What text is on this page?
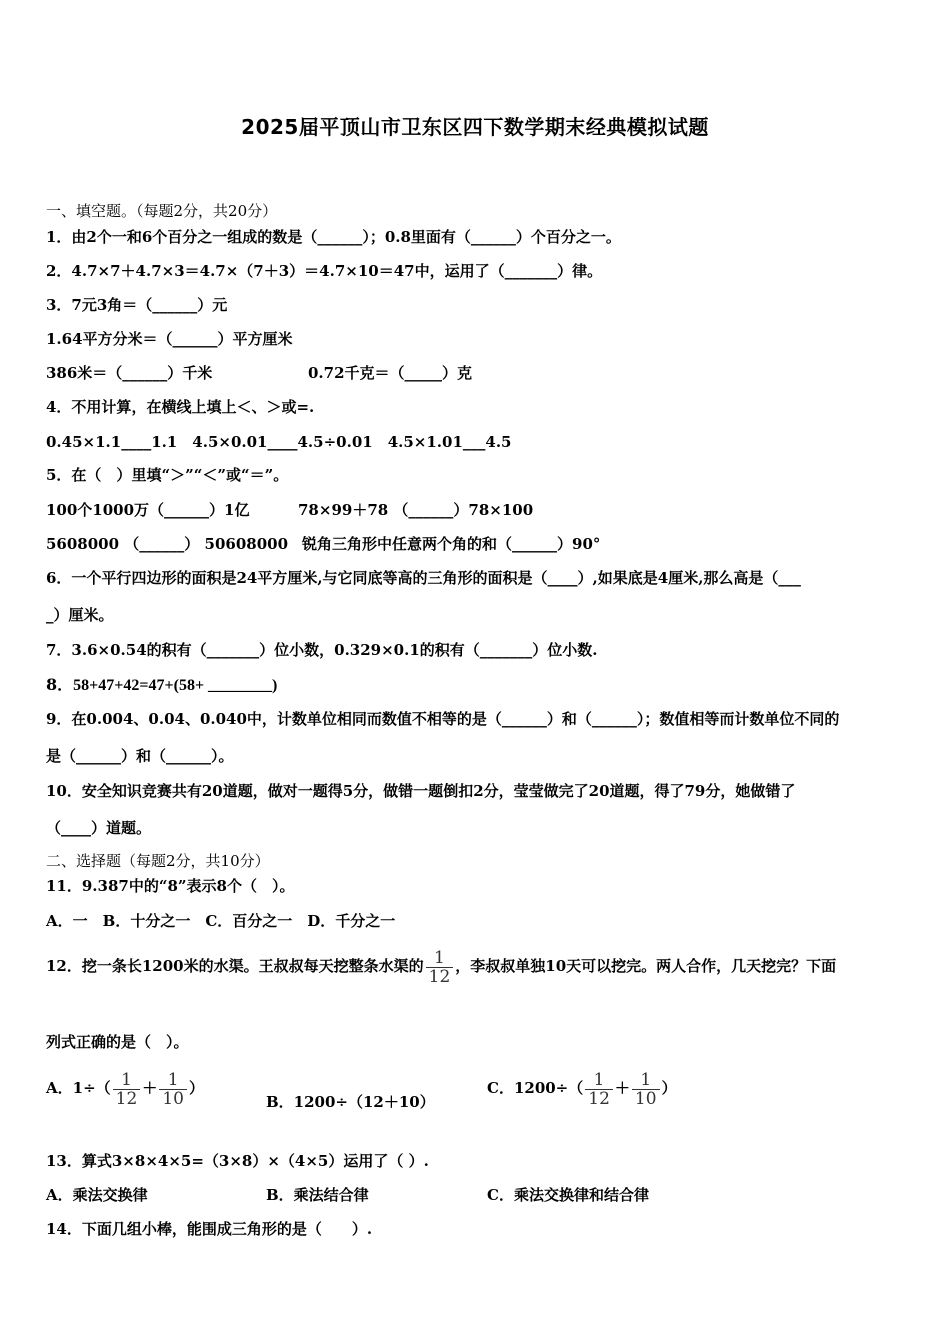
2025届平顶山市卫东区四下数学期末经典模拟试题
一、填空题。（每题2分，共20分）
1．由2个一和6个百分之一组成的数是（______）；0.8里面有（______）个百分之一。
2．4.7×7＋4.7×3＝4.7×（7＋3）＝4.7×10＝47中，运用了（_______）律。
3．7元3角＝（______）元
1.64平方分米＝（______）平方厘米
386米＝（______）千米	0.72千克＝（_____）克
4．不用计算，在横线上填上＜、＞或=.
0.45×1.1____1.1　4.5×0.01____4.5÷0.01　4.5×1.01___4.5
5．在（　）里填“＞”“＜”或“＝”。
100个1000万（______）1亿	78×99＋78 （______）78×100
5608000 （______） 50608000 锐角三角形中任意两个角的和（______）90°
6．一个平行四边形的面积是24平方厘米,与它同底等高的三角形的面积是（____）,如果底是4厘米,那么高是（___
_）厘米。
7．3.6×0.54的积有（_______）位小数，0.329×0.1的积有（_______）位小数.
8．58+47+42=47+(58+ ________)
9．在0.004、0.04、0.040中，计数单位相同而数值不相等的是（______）和（______）；数值相等而计数单位不同的
是（______）和（______）。
10．安全知识竞赛共有20道题，做对一题得5分，做错一题倒扣2分，莹莹做完了20道题，得了79分，她做错了
（____）道题。
二、选择题（每题2分，共10分）
11．9.387中的“8”表示8个（　）。
A．一　B．十分之一　C．百分之一　D．千分之一
12．挖一条长1200米的水渠。王叔叔每天挖整条水渠的 $\frac{1}{12}$ ，李叔叔单独10天可以挖完。两人合作，几天挖完？下面
列式正确的是（　）。
A．$1\div( \frac{1}{12} + \frac{1}{10}$ ）
B．1200÷（12＋10）
C．$1200\div( \frac{1}{12} + \frac{1}{10}$ ）
13．算式3×8×4×5=（3×8）×（4×5）运用了（ ）.
A．乘法交换律	B．乘法结合律	C．乘法交换律和结合律
14．下面几组小棒，能围成三角形的是（　　）.
